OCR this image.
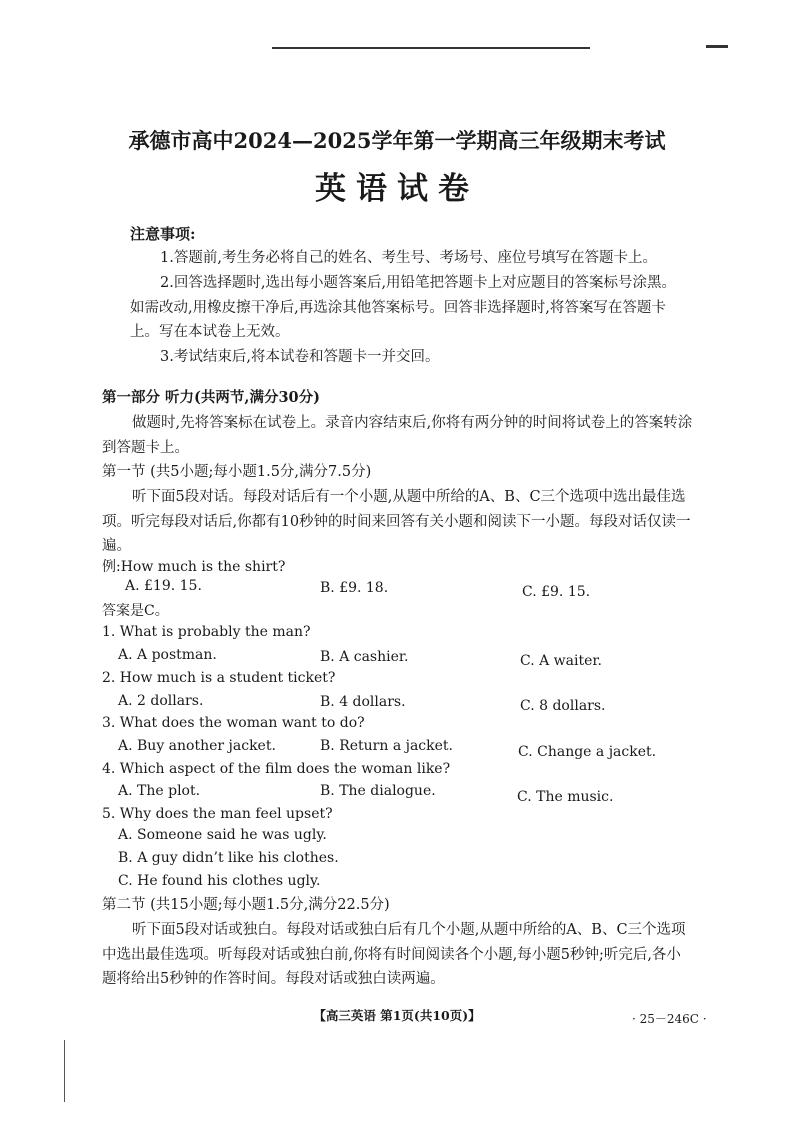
承德市高中2024—2025学年第一学期高三年级期末考试
英语试卷
注意事项:
1.答题前,考生务必将自己的姓名、考生号、考场号、座位号填写在答题卡上。
2.回答选择题时,选出每小题答案后,用铅笔把答题卡上对应题目的答案标号涂黑。如需改动,用橡皮擦干净后,再选涂其他答案标号。回答非选择题时,将答案写在答题卡上。写在本试卷上无效。
3.考试结束后,将本试卷和答题卡一并交回。
第一部分 听力(共两节,满分30分)
做题时,先将答案标在试卷上。录音内容结束后,你将有两分钟的时间将试卷上的答案转涂到答题卡上。
第一节 (共5小题;每小题1.5分,满分7.5分)
听下面5段对话。每段对话后有一个小题,从题中所给的A、B、C三个选项中选出最佳选项。听完每段对话后,你都有10秒钟的时间来回答有关小题和阅读下一小题。每段对话仅读一遍。
例:How much is the shirt?
A. £19. 15.	B. £9. 18.	C. £9. 15.
答案是C。
1. What is probably the man?
A. A postman.	B. A cashier.	C. A waiter.
2. How much is a student ticket?
A. 2 dollars.	B. 4 dollars.	C. 8 dollars.
3. What does the woman want to do?
A. Buy another jacket.	B. Return a jacket.	C. Change a jacket.
4. Which aspect of the film does the woman like?
A. The plot.	B. The dialogue.	C. The music.
5. Why does the man feel upset?
A. Someone said he was ugly.
B. A guy didn’t like his clothes.
C. He found his clothes ugly.
第二节 (共15小题;每小题1.5分,满分22.5分)
听下面5段对话或独白。每段对话或独白后有几个小题,从题中所给的A、B、C三个选项中选出最佳选项。听每段对话或独白前,你将有时间阅读各个小题,每小题5秒钟;听完后,各小题将给出5秒钟的作答时间。每段对话或独白读两遍。
【高三英语 第1页(共10页)】	· 25－246C ·
